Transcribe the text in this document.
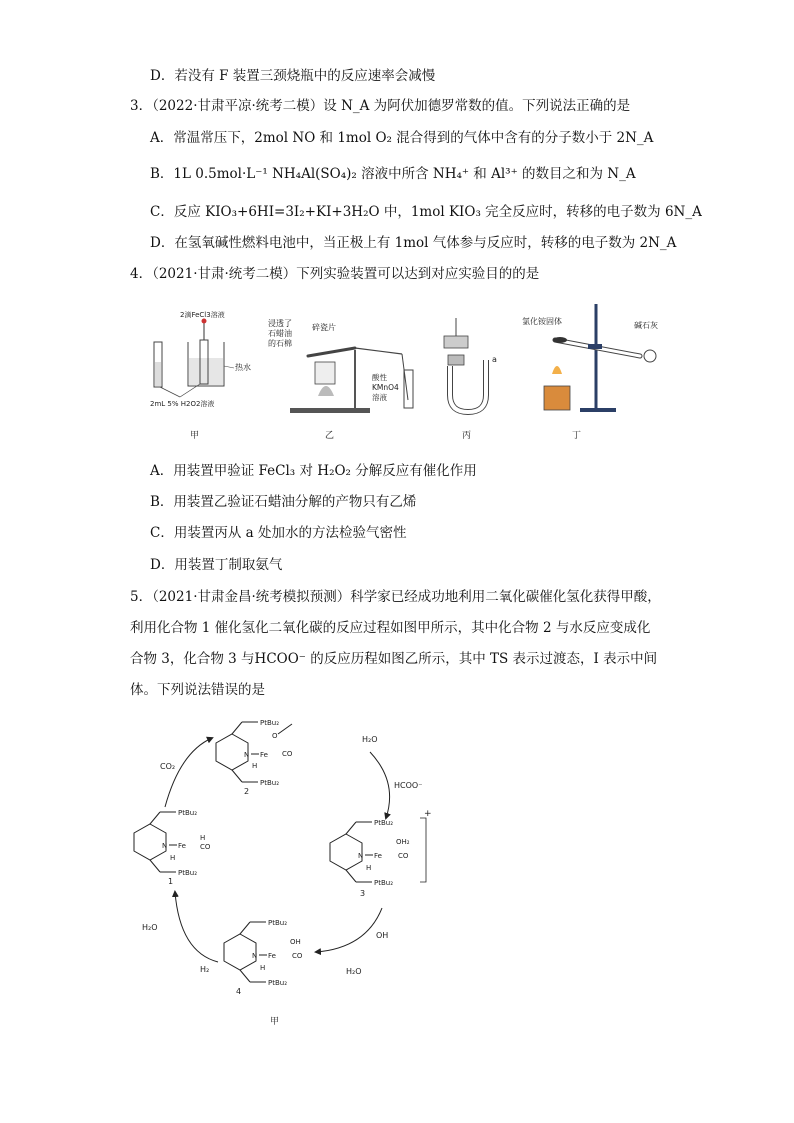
D．若没有 F 装置三颈烧瓶中的反应速率会减慢
3．（2022·甘肃平凉·统考二模）设 N_A 为阿伏加德罗常数的值。下列说法正确的是
A．常温常压下，2mol NO 和 1mol O₂ 混合得到的气体中含有的分子数小于 2N_A
B．1L 0.5mol·L⁻¹ NH₄Al(SO₄)₂ 溶液中所含 NH₄⁺ 和 Al³⁺ 的数目之和为 N_A
C．反应 KIO₃+6HI=3I₂+KI+3H₂O 中，1mol KIO₃ 完全反应时，转移的电子数为 6N_A
D．在氢氧碱性燃料电池中，当正极上有 1mol 气体参与反应时，转移的电子数为 2N_A
4．（2021·甘肃·统考二模）下列实验装置可以达到对应实验目的的是
2滴FeCl3溶液
热水
2mL 5% H2O2溶液
甲
浸透了
石蜡油
的石棉
碎瓷片
酸性
KMnO4
溶液
乙
a
丙
氯化铵固体	碱石灰
丁
A．用装置甲验证 FeCl₃ 对 H₂O₂ 分解反应有催化作用
B．用装置乙验证石蜡油分解的产物只有乙烯
C．用装置丙从 a 处加水的方法检验气密性
D．用装置丁制取氨气
5．（2021·甘肃金昌·统考模拟预测）科学家已经成功地利用二氧化碳催化氢化获得甲酸，
利用化合物 1 催化氢化二氧化碳的反应过程如图甲所示，其中化合物 2 与水反应变成化
合物 3，化合物 3 与HCOO⁻ 的反应历程如图乙所示，其中 TS 表示过渡态，I 表示中间
体。下列说法错误的是
PtBu₂
N Fe CO
O
H
PtBu₂
2
PtBu₂
N Fe
H
CO
H
PtBu₂
1
PtBu₂
N Fe
OH₂
CO
H
PtBu₂
3
+
PtBu₂
N Fe
OH
CO
H
PtBu₂
4
CO₂
H₂O
HCOO⁻
OH
H₂O
H₂
H₂O
甲
